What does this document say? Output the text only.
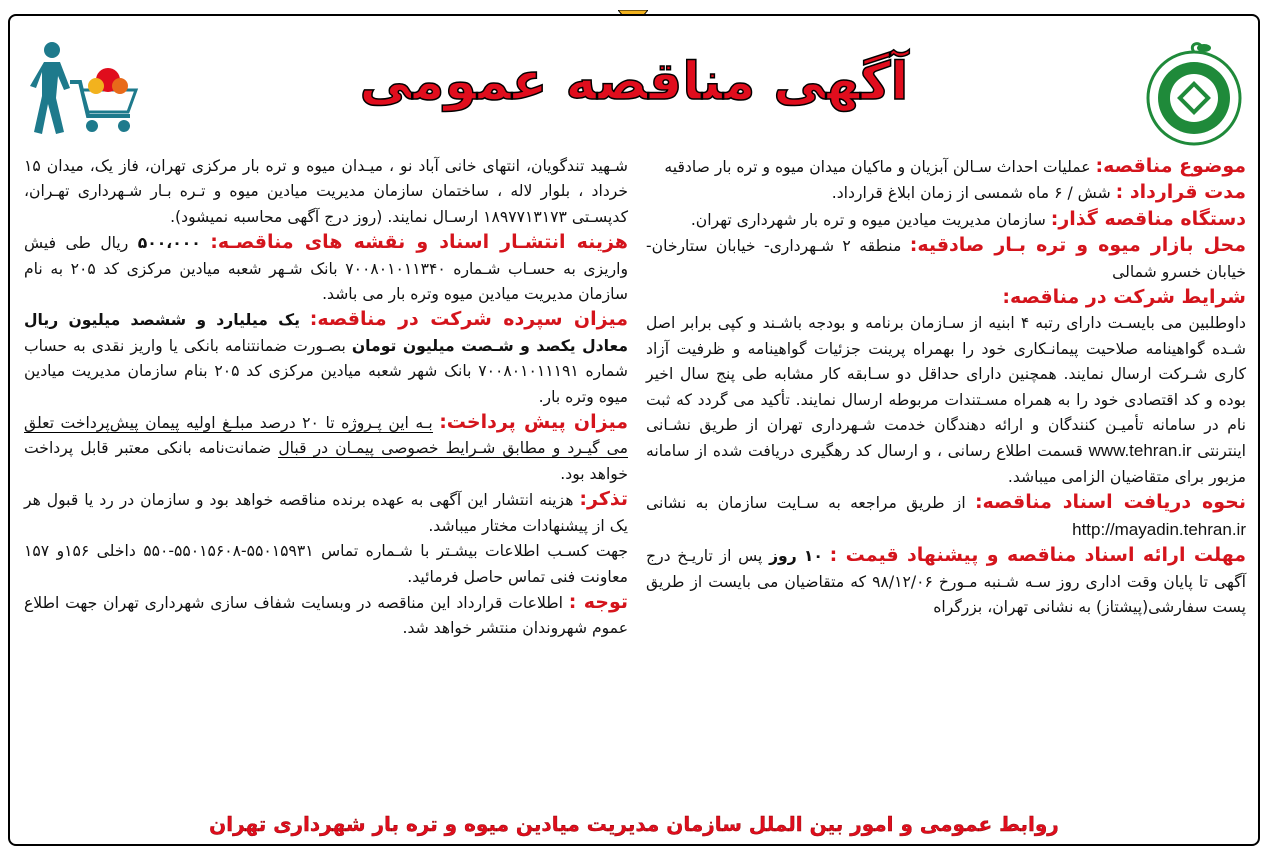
آگهی مناقصه عمومی

موضوع مناقصه: عملیات احداث سـالن آبزیان و ماکیان میدان میوه و تره بار صادقیه

مدت قرارداد : شش / ۶ ماه شمسی از زمان ابلاغ قرارداد.

دستگاه مناقصه گذار: سازمان مدیریت میادین میوه و تره بار شهرداری تهران.

محل بازار میوه و تره بـار صادقیه: منطقه ۲ شـهرداری- خیابان ستارخان- خیابان خسرو شمالی

شرایط شرکت در مناقصه:
داوطلبین می بایسـت دارای رتبه ۴ ابنیه از سـازمان برنامه و بودجه باشـند و کپی برابر اصل شـده گواهینامه صلاحیت پیمانـکاری خود را بهمراه پرینت جزئیات گواهینامه و ظرفیت آزاد کاری شـرکت ارسال نمایند. همچنین دارای حداقل دو سـابقه کار مشابه طی پنج سال اخیر بوده و کد اقتصادی خود را به همراه مسـتندات مربوطه ارسال نمایند. تأکید می گردد که ثبت نام در سامانه تأمیـن کنندگان و ارائه دهندگان خدمت شـهرداری تهران از طریق نشـانی اینترنتی www.tehran.ir قسمت اطلاع رسانی ، و ارسال کد رهگیری دریافت شده از سامانه مزبور برای متقاضیان الزامی میباشد.

نحوه دریافت اسناد مناقصه: از طریق مراجعه به سـایت سازمان به نشانی http://mayadin.tehran.ir

مهلت ارائه اسناد مناقصه و پیشنهاد قیمت : ۱۰ روز پس از تاریـخ درج آگهی تا پایان وقت اداری روز سـه شـنبه مـورخ ۹۸/۱۲/۰۶ که متقاضیان می بایست از طریق پست سفارشی(پیشتاز) به نشانی تهران، بزرگراه

شـهید تندگویان، انتهای خانی آباد نو ، میـدان میوه و تره بار مرکزی تهران، فاز یک، میدان ۱۵ خرداد ، بلوار لاله ، ساختمان سازمان مدیریت میادین میوه و تـره بـار شـهرداری تهـران، کدپسـتی ۱۸۹۷۷۱۳۱۷۳ ارسـال نمایند. (روز درج آگهی محاسبه نمیشود).

هزینه انتشـار اسناد و نقشه های مناقصـه: ۵۰۰،۰۰۰ ریال طی فیش واریزی به حسـاب شـماره ۷۰۰۸۰۱۰۱۱۳۴۰ بانک شـهر شعبه میادین مرکزی کد ۲۰۵ به نام سازمان مدیریت میادین میوه وتره بار می باشد.

میزان سپرده شرکت در مناقصه: یک میلیارد و ششصد میلیون ریال معادل یکصد و شـصت میلیون تومان بصـورت ضمانتنامه بانکی یا واریز نقدی به حساب شماره ۷۰۰۸۰۱۰۱۱۱۹۱ بانک شهر شعبه میادین مرکزی کد ۲۰۵ بنام سازمان مدیریت میادین میوه وتره بار.

میزان پیش پرداخت: بـه این پـروژه تا ۲۰ درصد مبلـغ اولیه پیمان پیش‌پرداخت تعلق می گیـرد و مطابق شـرایط خصوصی پیمـان در قبال ضمانت‌نامه بانکی معتبر قابل پرداخت خواهد بود.

تذکر: هزینه انتشار این آگهی به عهده برنده مناقصه خواهد بود و سازمان در رد یا قبول هر یک از پیشنهادات مختار میباشد.

جهت کسـب اطلاعات بیشـتر با شـماره تماس ۵۵۰۱۵۹۳۱-۵۵۰۱۵۶۰۸-۵۵۰ داخلی ۱۵۶و ۱۵۷ معاونت فنی تماس حاصل فرمائید.

توجه : اطلاعات قرارداد این مناقصه در وبسایت شفاف سازی شهرداری تهران جهت اطلاع عموم شهروندان منتشر خواهد شد.

روابط عمومی و امور بین الملل سازمان مدیریت میادین میوه و تره بار شهرداری تهران
